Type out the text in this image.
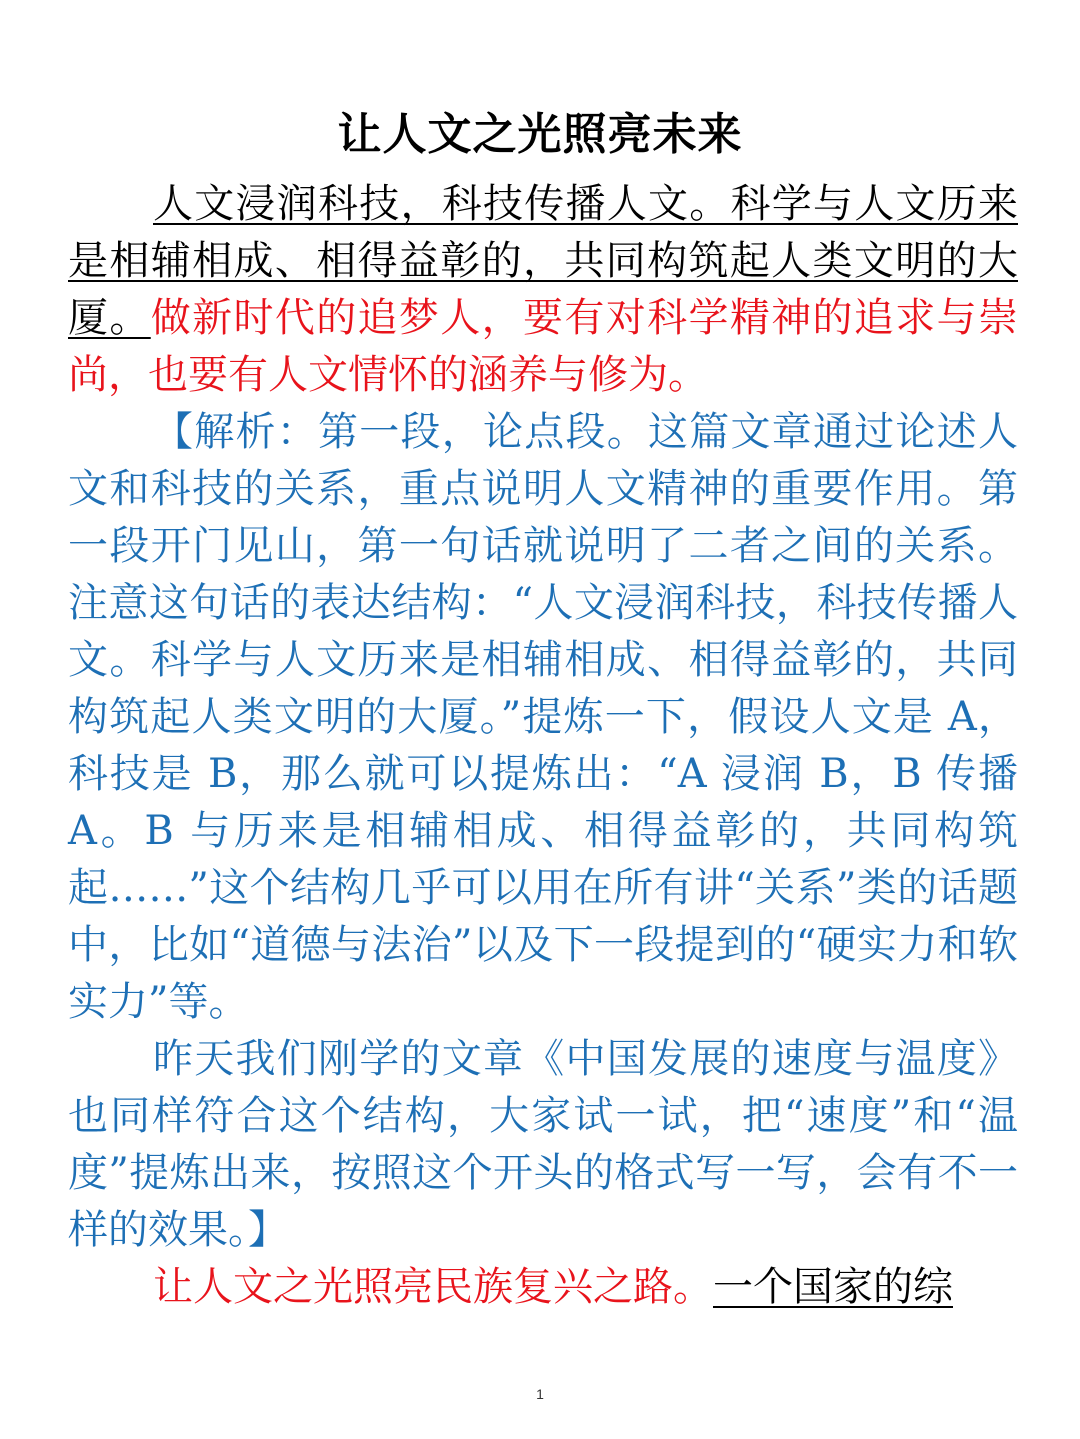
让人文之光照亮未来

人文浸润科技，科技传播人文。科学与人文历来是相辅相成、相得益彰的，共同构筑起人类文明的大厦。做新时代的追梦人，要有对科学精神的追求与崇尚，也要有人文情怀的涵养与修为。

【解析：第一段，论点段。这篇文章通过论述人文和科技的关系，重点说明人文精神的重要作用。第一段开门见山，第一句话就说明了二者之间的关系。注意这句话的表达结构：“人文浸润科技，科技传播人文。科学与人文历来是相辅相成、相得益彰的，共同构筑起人类文明的大厦。”提炼一下，假设人文是 A，科技是 B，那么就可以提炼出：“A 浸润 B，B 传播 A。B 与历来是相辅相成、相得益彰的，共同构筑起……”这个结构几乎可以用在所有讲“关系”类的话题中，比如“道德与法治”以及下一段提到的“硬实力和软实力”等。

昨天我们刚学的文章《中国发展的速度与温度》也同样符合这个结构，大家试一试，把“速度”和“温度”提炼出来，按照这个开头的格式写一写，会有不一样的效果。】

让人文之光照亮民族复兴之路。一个国家的综

1
